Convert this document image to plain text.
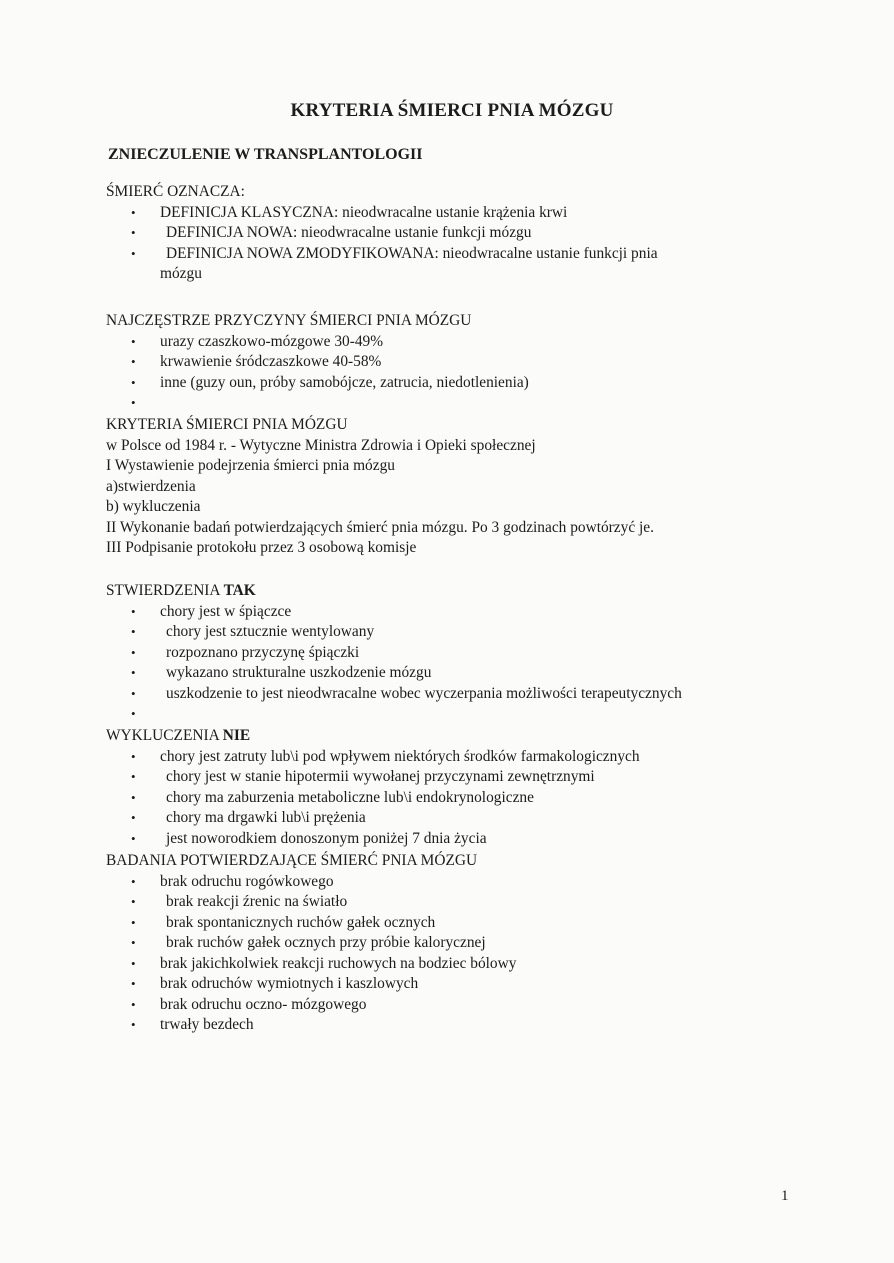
KRYTERIA ŚMIERCI PNIA MÓZGU
ZNIECZULENIE W TRANSPLANTOLOGII

ŚMIERĆ OZNACZA:

• DEFINICJA KLASYCZNA: nieodwracalne ustanie krążenia krwi
• DEFINICJA NOWA: nieodwracalne ustanie funkcji mózgu
• DEFINICJA NOWA ZMODYFIKOWANA: nieodwracalne ustanie funkcji pnia

mózgu

NAJCZĘSTRZE PRZYCZYNY ŚMIERCI PNIA MÓZGU

• urazy czaszkowo-mózgowe 30-49%
• krwawienie śródczaszkowe 40-58%
• inne (guzy oun, próby samobójcze, zatrucia, niedotlenienia)
•

KRYTERIA ŚMIERCI PNIA MÓZGU

w Polsce od 1984 r. - Wytyczne Ministra Zdrowia i Opieki społecznej

I Wystawienie podejrzenia śmierci pnia mózgu

a)stwierdzenia

b) wykluczenia

II Wykonanie badań potwierdzających śmierć pnia mózgu. Po 3 godzinach powtórzyć je.

III Podpisanie protokołu przez 3 osobową komisje

STWIERDZENIA TAK

• chory jest w śpiączce
• chory jest sztucznie wentylowany
• rozpoznano przyczynę śpiączki
• wykazano strukturalne uszkodzenie mózgu
• uszkodzenie to jest nieodwracalne wobec wyczerpania możliwości terapeutycznych
•

WYKLUCZENIA NIE

• chory jest zatruty lub\i pod wpływem niektórych środków farmakologicznych
• chory jest w stanie hipotermii wywołanej przyczynami zewnętrznymi
• chory ma zaburzenia metaboliczne lub\i endokrynologiczne
• chory ma drgawki lub\i prężenia
• jest noworodkiem donoszonym poniżej 7 dnia życia

BADANIA POTWIERDZAJĄCE ŚMIERĆ PNIA MÓZGU

• brak odruchu rogówkowego
• brak reakcji źrenic na światło
• brak spontanicznych ruchów gałek ocznych
• brak ruchów gałek ocznych przy próbie kalorycznej
• brak jakichkolwiek reakcji ruchowych na bodziec bólowy
• brak odruchów wymiotnych i kaszlowych
• brak odruchu oczno- mózgowego
• trwały bezdech
1
